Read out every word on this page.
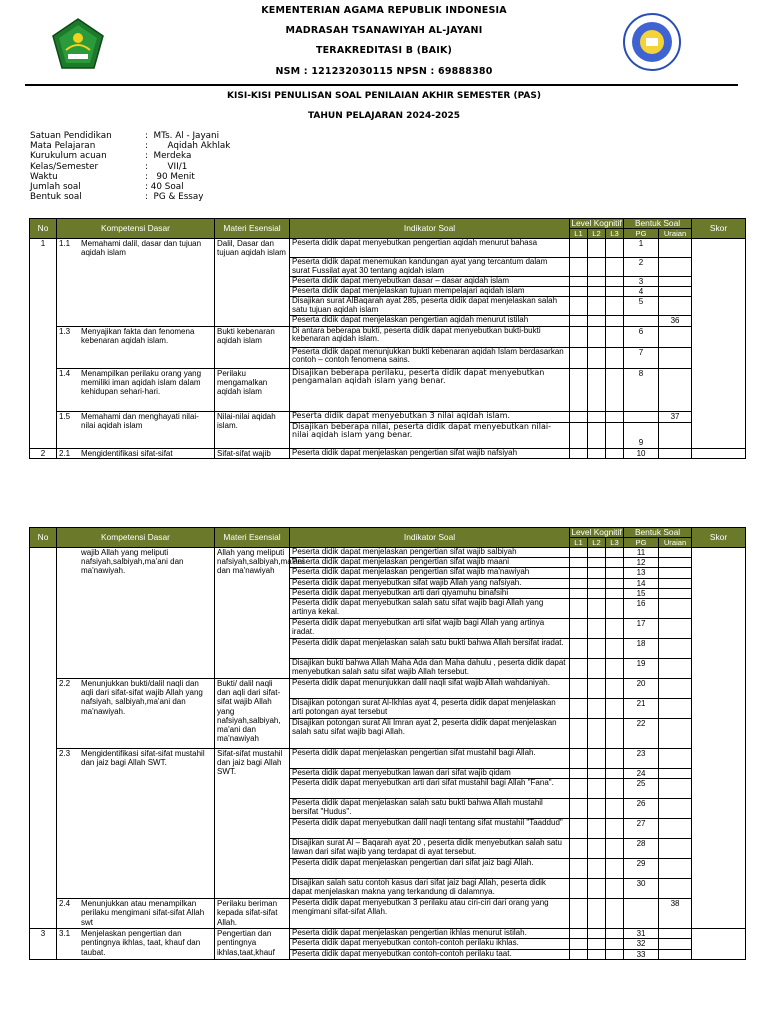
KEMENTERIAN AGAMA REPUBLIK INDONESIA
MADRASAH TSANAWIYAH AL-JAYANI
TERAKREDITASI B (BAIK)
NSM : 121232030115 NPSN : 69888380
KISI-KISI PENULISAN SOAL PENILAIAN AKHIR SEMESTER (PAS)
TAHUN PELAJARAN 2024-2025
Satuan Pendidikan	:  MTs. Al - Jayani
Mata Pelajaran	:       Aqidah Akhlak
Kurukulum acuan	:  Merdeka
Kelas/Semester	:       VII/1
Waktu	:   90 Menit
Jumlah soal	: 40 Soal
Bentuk soal	:  PG & Essay
No	Kompetensi Dasar	Materi Esensial	Indikator Soal	Level Kognitif			Bentuk Soal		Skor
				L1	L2	L3	PG	Uraian	
1	1.1 Memahami dalil, dasar dan tujuan aqidah islam	Dalil, Dasar dan tujuan aqidah islam	Peserta didik dapat menyebutkan pengertian aqidah menurut bahasa				1		
			Peserta didik dapat menemukan kandungan ayat yang tercantum dalam surat Fussilat ayat 30 tentang aqidah islam				2		
			Peserta didik dapat menyebutkan dasar – dasar aqidah islam				3		
			Peserta didik dapat menjelaskan tujuan mempelajari aqidah islam				4		
			Disajikan surat AlBaqarah ayat 285, peserta didik dapat menjelaskan salah satu tujuan aqidah islam				5		
			Peserta didik dapat menjelaskan pengertian aqidah menurut istilah					36	
	1.3 Menyajikan fakta dan fenomena kebenaran aqidah islam.	Bukti kebenaran aqidah islam	Di antara beberapa bukti, peserta didik dapat menyebutkan bukti-bukti kebenaran aqidah islam.				6		
			Peserta didik dapat menunjukkan bukti kebenaran aqidah Islam berdasarkan contoh – contoh fenomena sains.				7		
	1.4 Menampilkan perilaku orang yang memiliki iman aqidah islam dalam kehidupan sehari-hari.	Perilaku mengamalkan aqidah islam	Disajikan beberapa perilaku, peserta didik dapat menyebutkan pengamalan aqidah islam yang benar.				8		
	1.5 Memahami dan menghayati nilai-nilai aqidah islam	Nilai-nilai aqidah islam.	Peserta didik dapat menyebutkan 3 nilai aqidah islam.					37	
			Disajikan beberapa nilai, peserta didik dapat menyebutkan nilai-nilai aqidah islam yang benar.				9		
2	2.1 Mengidentifikasi sifat-sifat	Sifat-sifat wajib	Peserta didik dapat menjelaskan pengertian sifat wajib nafsiyah				10		
No	Kompetensi Dasar	Materi Esensial	Indikator Soal	Level Kognitif			Bentuk Soal		Skor
				L1	L2	L3	PG	Uraian	
	wajib Allah yang meliputi nafsiyah,salbiyah,ma'ani dan ma'nawiyah.	Allah yang meliputi nafsiyah,salbiyah,ma'ani dan ma'nawiyah	Peserta didik dapat menjelaskan pengertian sifat wajib salbiyah				11		
			Peserta didik dapat menjelaskan pengertian sifat wajib maani				12		
			Peserta didik dapat menjelaskan pengertian sifat wajib ma'nawiyah				13		
			Peserta didik dapat menyebutkan sifat wajib Allah yang nafsiyah.				14		
			Peserta didik dapat menyebutkan arti dari qiyamuhu binafsihi				15		
			Peserta didik dapat menyebutkan salah satu sifat wajib bagi Allah yang artinya kekal.				16		
			Peserta didik dapat menyebutkan arti sifat wajib bagi Allah yang artinya iradat.				17		
			Peserta didik dapat menjelaskan salah satu bukti bahwa Allah bersifat iradat.				18		
			Disajikan bukti bahwa Allah Maha Ada dan Maha dahulu , peserta didik dapat menyebutkan salah satu sifat wajib Allah tersebut.				19		
	2.2 Menunjukkan bukti/dalil naqli dan aqli dari sifat-sifat wajib Allah yang nafsiyah, salbiyah,ma'ani dan ma'nawiyah.	Bukti/ dalil naqli dan aqli dari sifat-sifat wajib Allah yang nafsiyah,salbiyah, ma'ani dan ma'nawiyah	Peserta didik dapat menunjukkan dalil naqli sifat wajib Allah wahdaniyah.				20		
			Disajikan potongan surat Al-Ikhlas ayat 4, peserta didik dapat menjelaskan arti potongan ayat tersebut				21		
			Disajikan potongan surat Ali Imran ayat 2, peserta didik dapat menjelaskan salah satu sifat wajib bagi Allah.				22		
	2.3 Mengidentifikasi sifat-sifat mustahil dan jaiz bagi Allah SWT.	Sifat-sifat mustahil dan jaiz bagi Allah SWT.	Peserta didik dapat menjelaskan pengertian sifat mustahil bagi Allah.				23		
			Peserta didik dapat menyebutkan lawan dari sifat wajib qidam				24		
			Peserta didik dapat menyebutkan arti dari sifat mustahil bagi Allah "Fana".				25		
			Peserta didik dapat menjelaskan salah satu bukti bahwa Allah mustahil bersifat "Hudus".				26		
			Peserta didik dapat menyebutkan dalil naqli tentang sifat mustahil "Taaddud"				27		
			Disajikan surat Al – Baqarah ayat 20 , peserta didik menyebutkan salah satu lawan dari sifat wajib yang terdapat di ayat tersebut.				28		
			Peserta didik dapat menjelaskan pengertian dari sifat jaiz bagi Allah.				29		
			Disajikan salah satu contoh kasus dari sifat jaiz bagi Allah, peserta didik dapat menjelaskan makna yang terkandung di dalamnya.				30		
	2.4 Menunjukkan atau menampilkan perilaku mengimani sifat-sifat Allah swt	Perilaku beriman kepada sifat-sifat Allah.	Peserta didik dapat menyebutkan 3 perilaku atau ciri-ciri dari orang yang mengimani sifat-sifat Allah.					38	
3	3.1 Menjelaskan pengertian dan pentingnya ikhlas, taat, khauf dan taubat.	Pengertian dan pentingnya ikhlas,taat,khauf	Peserta didik dapat menjelaskan pengertian ikhlas menurut istilah.				31		
			Peserta didik dapat menyebutkan contoh-contoh perilaku ikhlas.				32		
			Peserta didik dapat menyebutkan contoh-contoh perilaku taat.				33		
